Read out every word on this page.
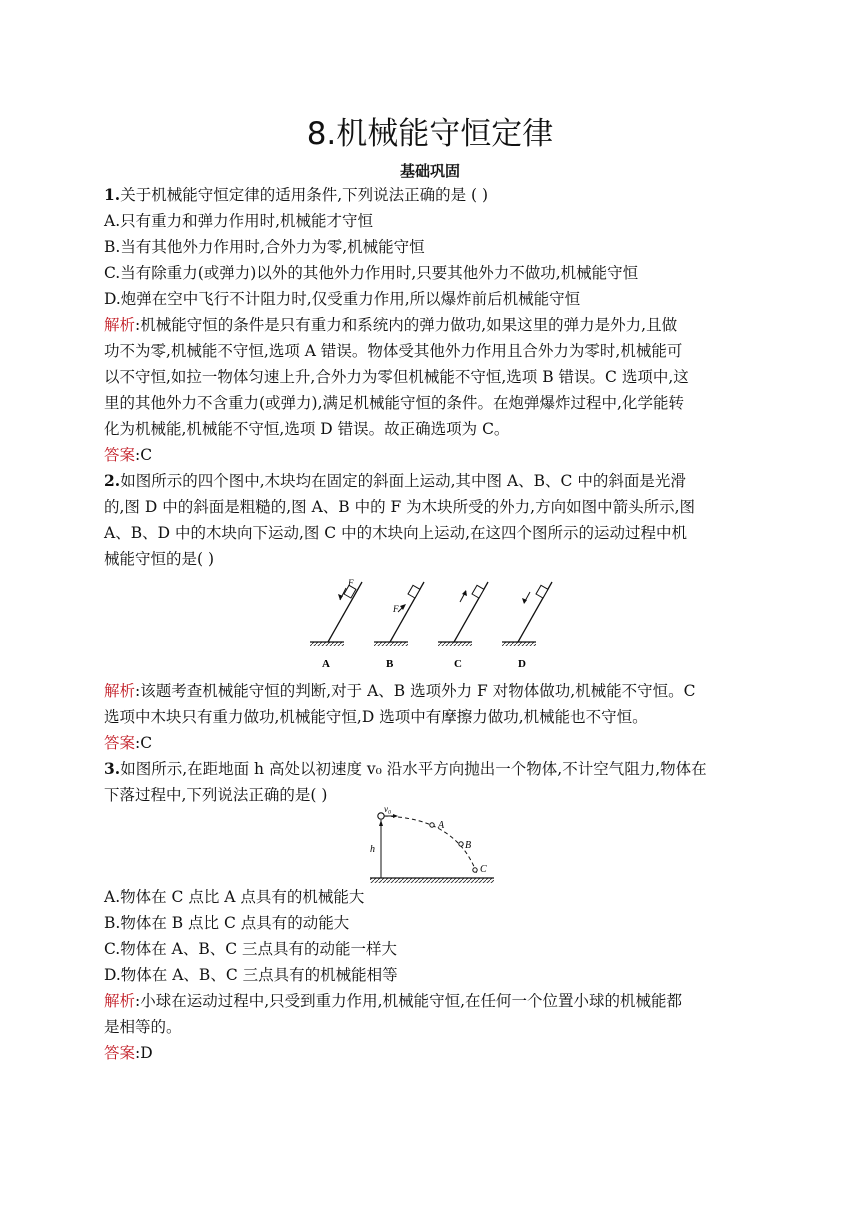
8.机械能守恒定律
基础巩固
1.关于机械能守恒定律的适用条件,下列说法正确的是 ( )
A.只有重力和弹力作用时,机械能才守恒
B.当有其他外力作用时,合外力为零,机械能守恒
C.当有除重力(或弹力)以外的其他外力作用时,只要其他外力不做功,机械能守恒
D.炮弹在空中飞行不计阻力时,仅受重力作用,所以爆炸前后机械能守恒
解析:机械能守恒的条件是只有重力和系统内的弹力做功,如果这里的弹力是外力,且做
功不为零,机械能不守恒,选项 A 错误。物体受其他外力作用且合外力为零时,机械能可
以不守恒,如拉一物体匀速上升,合外力为零但机械能不守恒,选项 B 错误。C 选项中,这
里的其他外力不含重力(或弹力),满足机械能守恒的条件。在炮弹爆炸过程中,化学能转
化为机械能,机械能不守恒,选项 D 错误。故正确选项为 C。
答案:C
2.如图所示的四个图中,木块均在固定的斜面上运动,其中图 A、B、C 中的斜面是光滑
的,图 D 中的斜面是粗糙的,图 A、B 中的 F 为木块所受的外力,方向如图中箭头所示,图
A、B、D 中的木块向下运动,图 C 中的木块向上运动,在这四个图所示的运动过程中机
械能守恒的是( )
F
A
F
B	C	D
解析:该题考查机械能守恒的判断,对于 A、B 选项外力 F 对物体做功,机械能不守恒。C
选项中木块只有重力做功,机械能守恒,D 选项中有摩擦力做功,机械能也不守恒。
答案:C
3.如图所示,在距地面 h 高处以初速度 v₀ 沿水平方向抛出一个物体,不计空气阻力,物体在
下落过程中,下列说法正确的是( )
v₀
h
A
B
C
A.物体在 C 点比 A 点具有的机械能大
B.物体在 B 点比 C 点具有的动能大
C.物体在 A、B、C 三点具有的动能一样大
D.物体在 A、B、C 三点具有的机械能相等
解析:小球在运动过程中,只受到重力作用,机械能守恒,在任何一个位置小球的机械能都
是相等的。
答案:D
